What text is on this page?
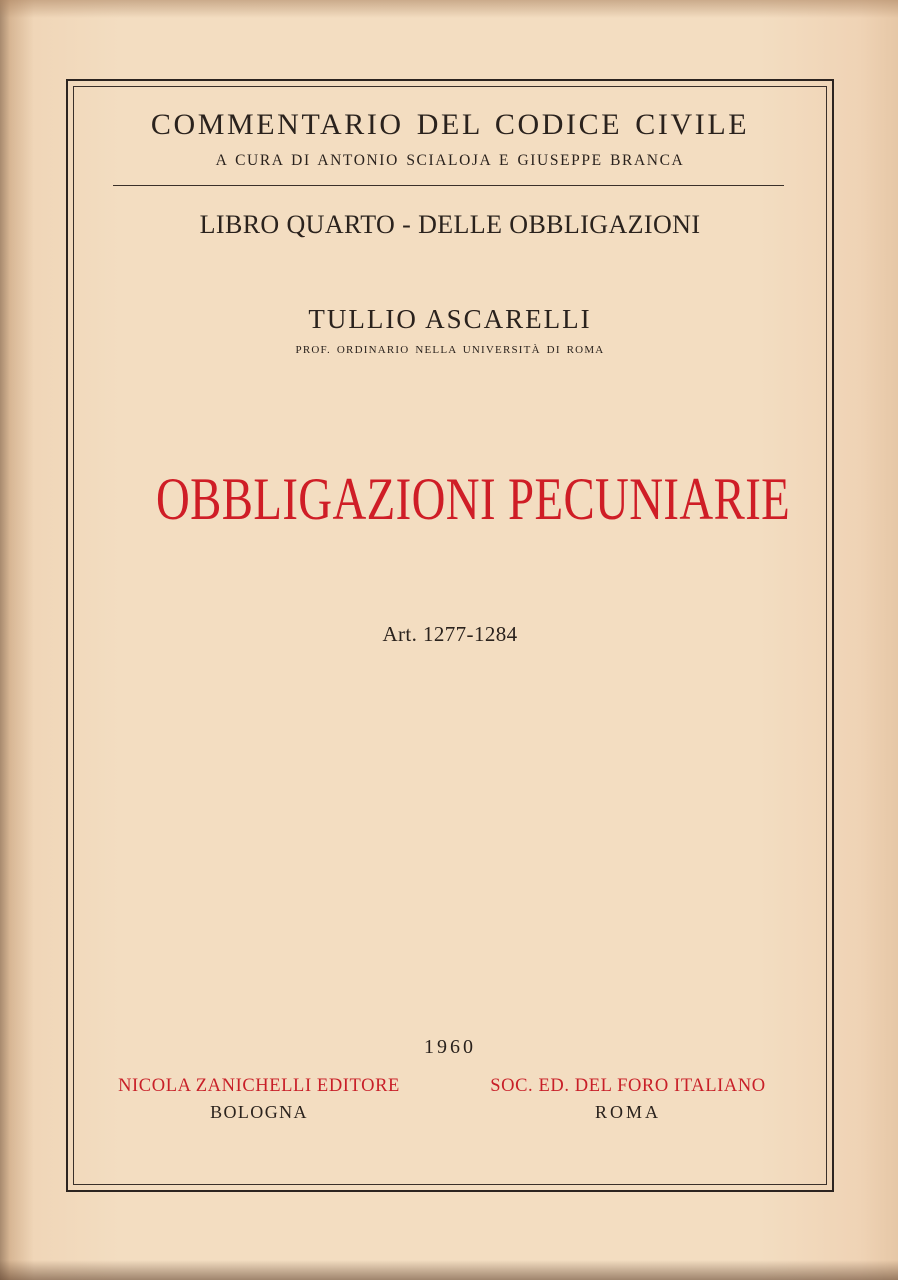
COMMENTARIO DEL CODICE CIVILE
A CURA DI ANTONIO SCIALOJA E GIUSEPPE BRANCA
LIBRO QUARTO - DELLE OBBLIGAZIONI
TULLIO ASCARELLI
PROF. ORDINARIO NELLA UNIVERSITÀ DI ROMA
OBBLIGAZIONI PECUNIARIE
Art. 1277-1284
1960
NICOLA ZANICHELLI EDITORE
BOLOGNA
SOC. ED. DEL FORO ITALIANO
ROMA
